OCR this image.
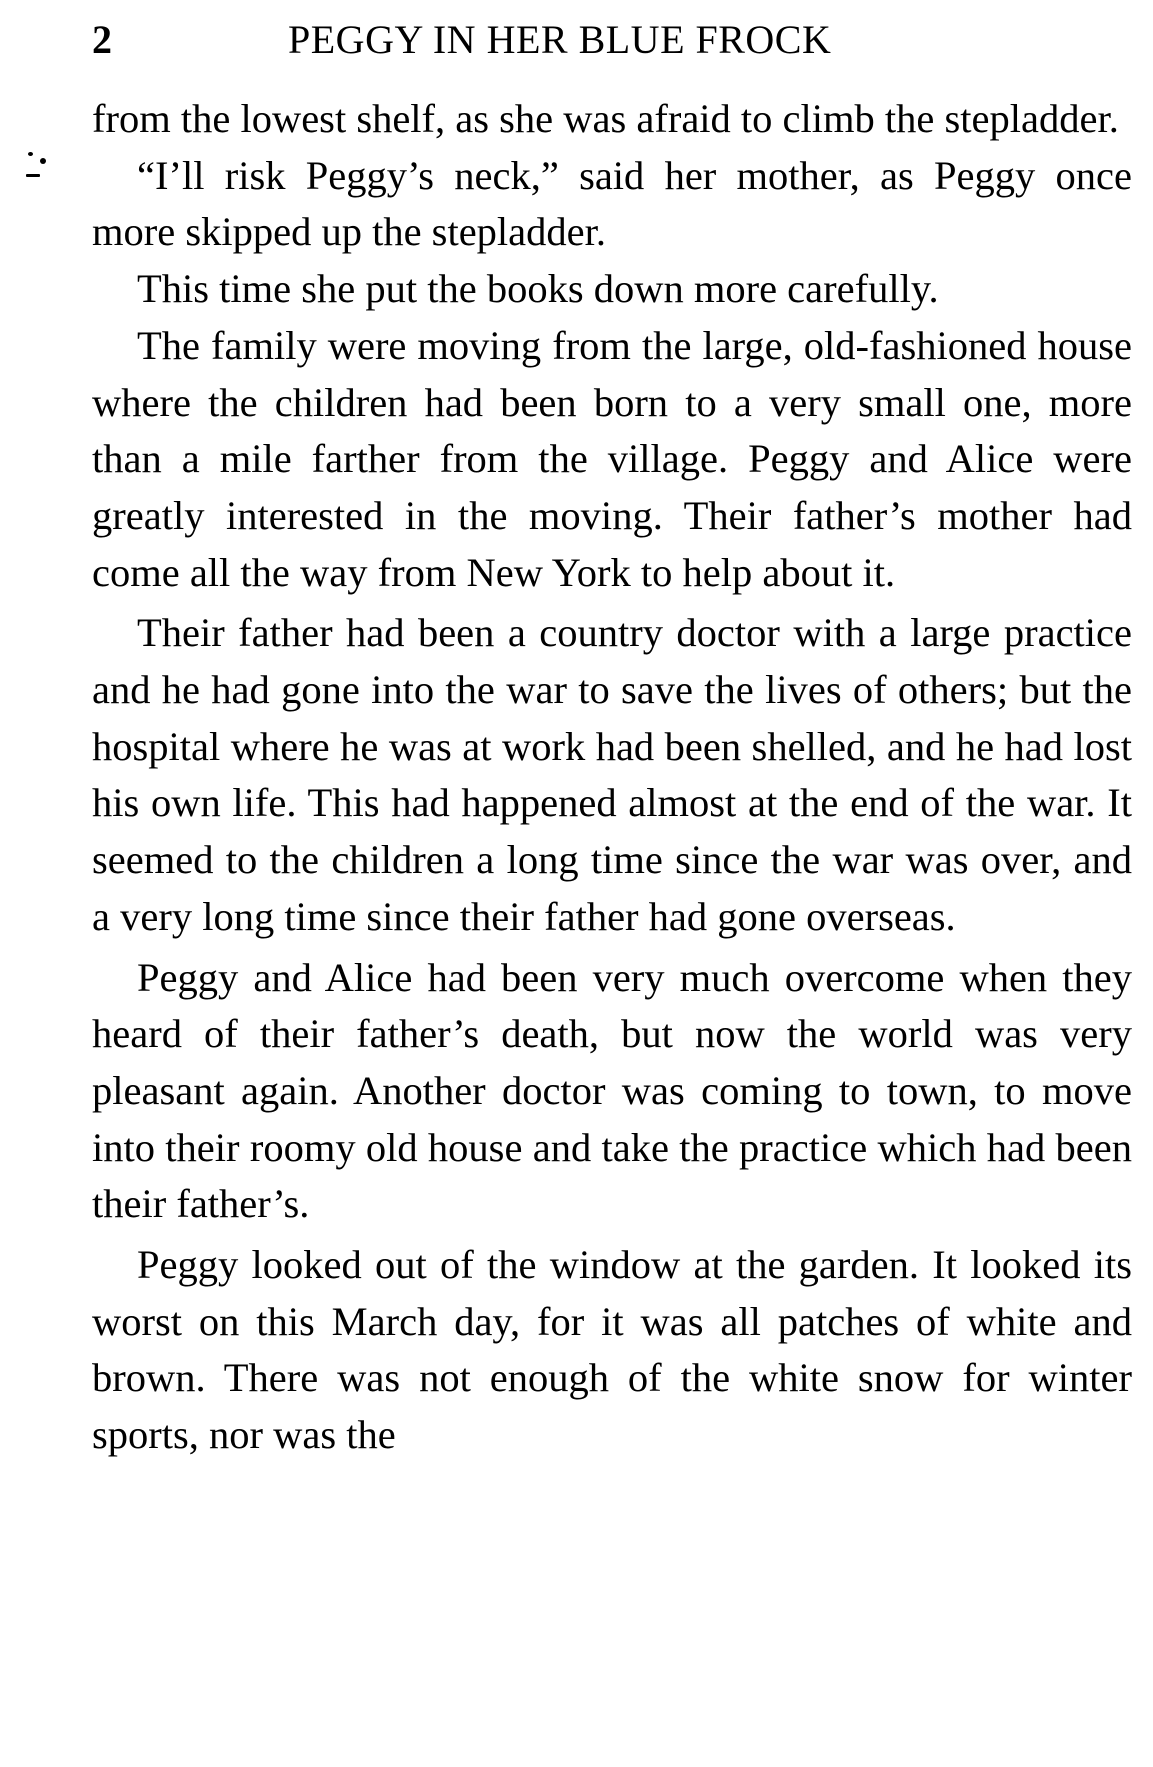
2	PEGGY IN HER BLUE FROCK

from the lowest shelf, as she was afraid to climb the stepladder.

“I’ll risk Peggy’s neck,” said her mother, as Peggy once more skipped up the stepladder.

This time she put the books down more carefully.

The family were moving from the large, old-fashioned house where the children had been born to a very small one, more than a mile farther from the village. Peggy and Alice were greatly interested in the moving. Their father’s mother had come all the way from New York to help about it.

Their father had been a country doctor with a large practice and he had gone into the war to save the lives of others; but the hospital where he was at work had been shelled, and he had lost his own life. This had happened almost at the end of the war. It seemed to the children a long time since the war was over, and a very long time since their father had gone overseas.

Peggy and Alice had been very much overcome when they heard of their father’s death, but now the world was very pleasant again. Another doctor was coming to town, to move into their roomy old house and take the practice which had been their father’s.

Peggy looked out of the window at the garden. It looked its worst on this March day, for it was all patches of white and brown. There was not enough of the white snow for winter sports, nor was the
